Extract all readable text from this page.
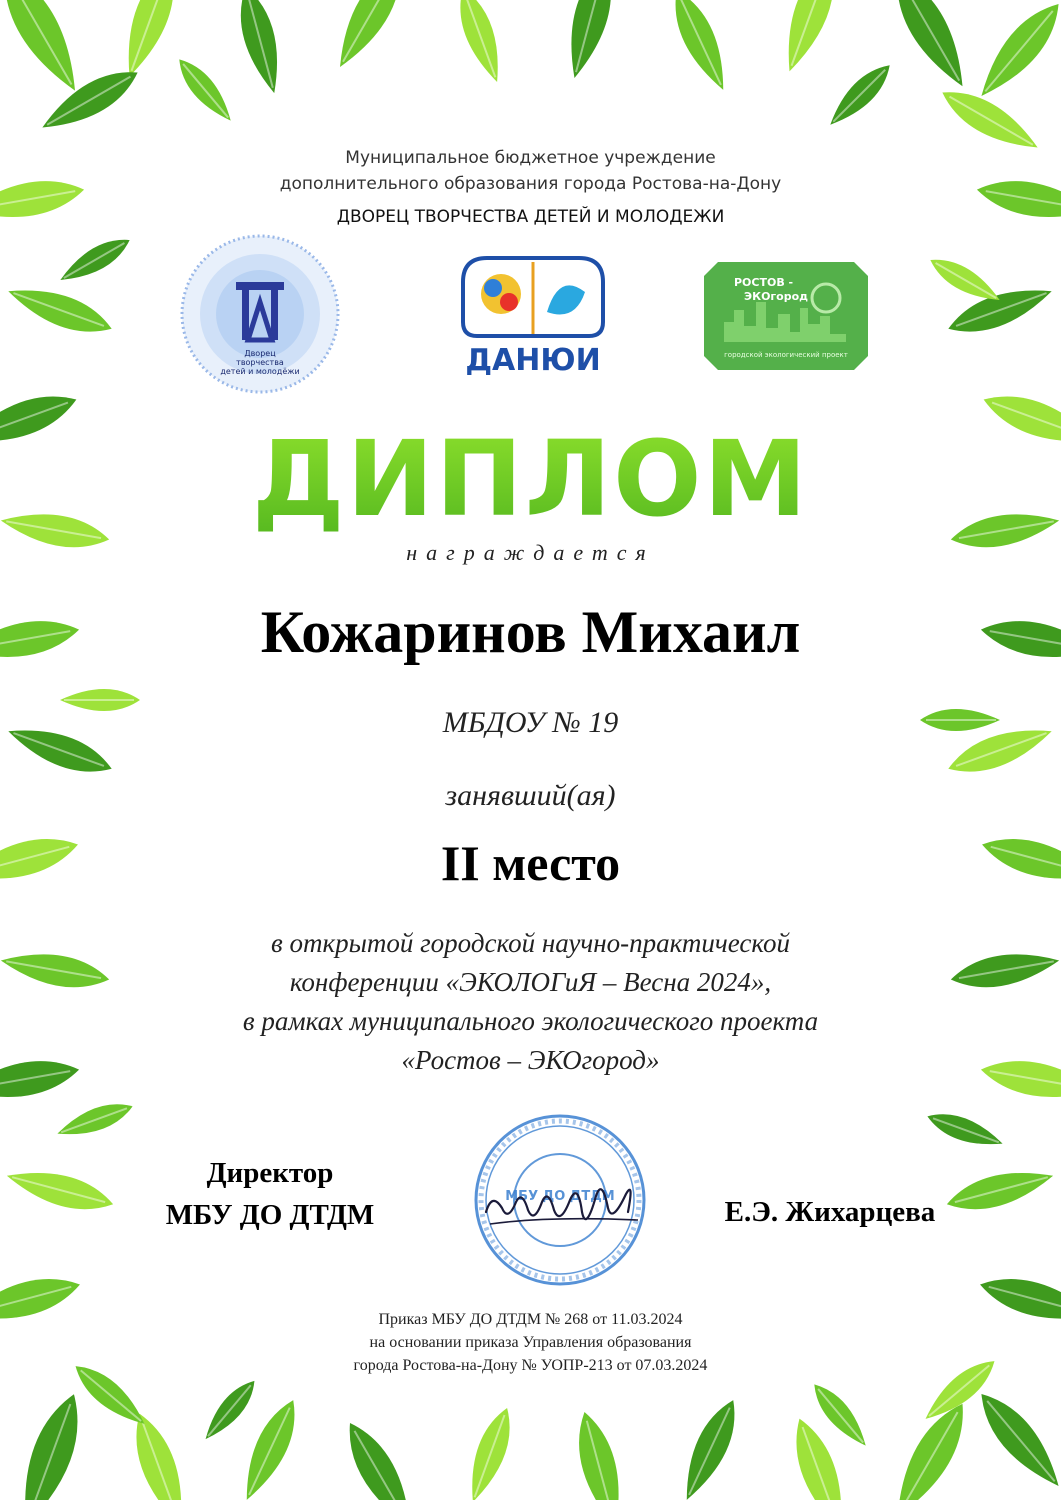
Муниципальное бюджетное учреждение
дополнительного образования города Ростова-на-Дону
ДВОРЕЦ ТВОРЧЕСТВА ДЕТЕЙ И МОЛОДЕЖИ
Дворец
творчества
детей и молодёжи	ДАНЮИ
РОСТОВ -
ЭКОгород
городской экологический проект
ДИПЛОМ
награждается
Кожаринов Михаил
МБДОУ № 19
занявший(ая)
II место
в открытой городской научно-практической
конференции «ЭКОЛОГиЯ – Весна 2024»,
в рамках муниципального экологического проекта
«Ростов – ЭКОгород»
Директор
МБУ ДО ДТДМ
МБУ ДО ДТДМ	Е.Э. Жихарцева
Приказ МБУ ДО ДТДМ № 268 от 11.03.2024
на основании приказа Управления образования
города Ростова-на-Дону № УОПР-213 от 07.03.2024
